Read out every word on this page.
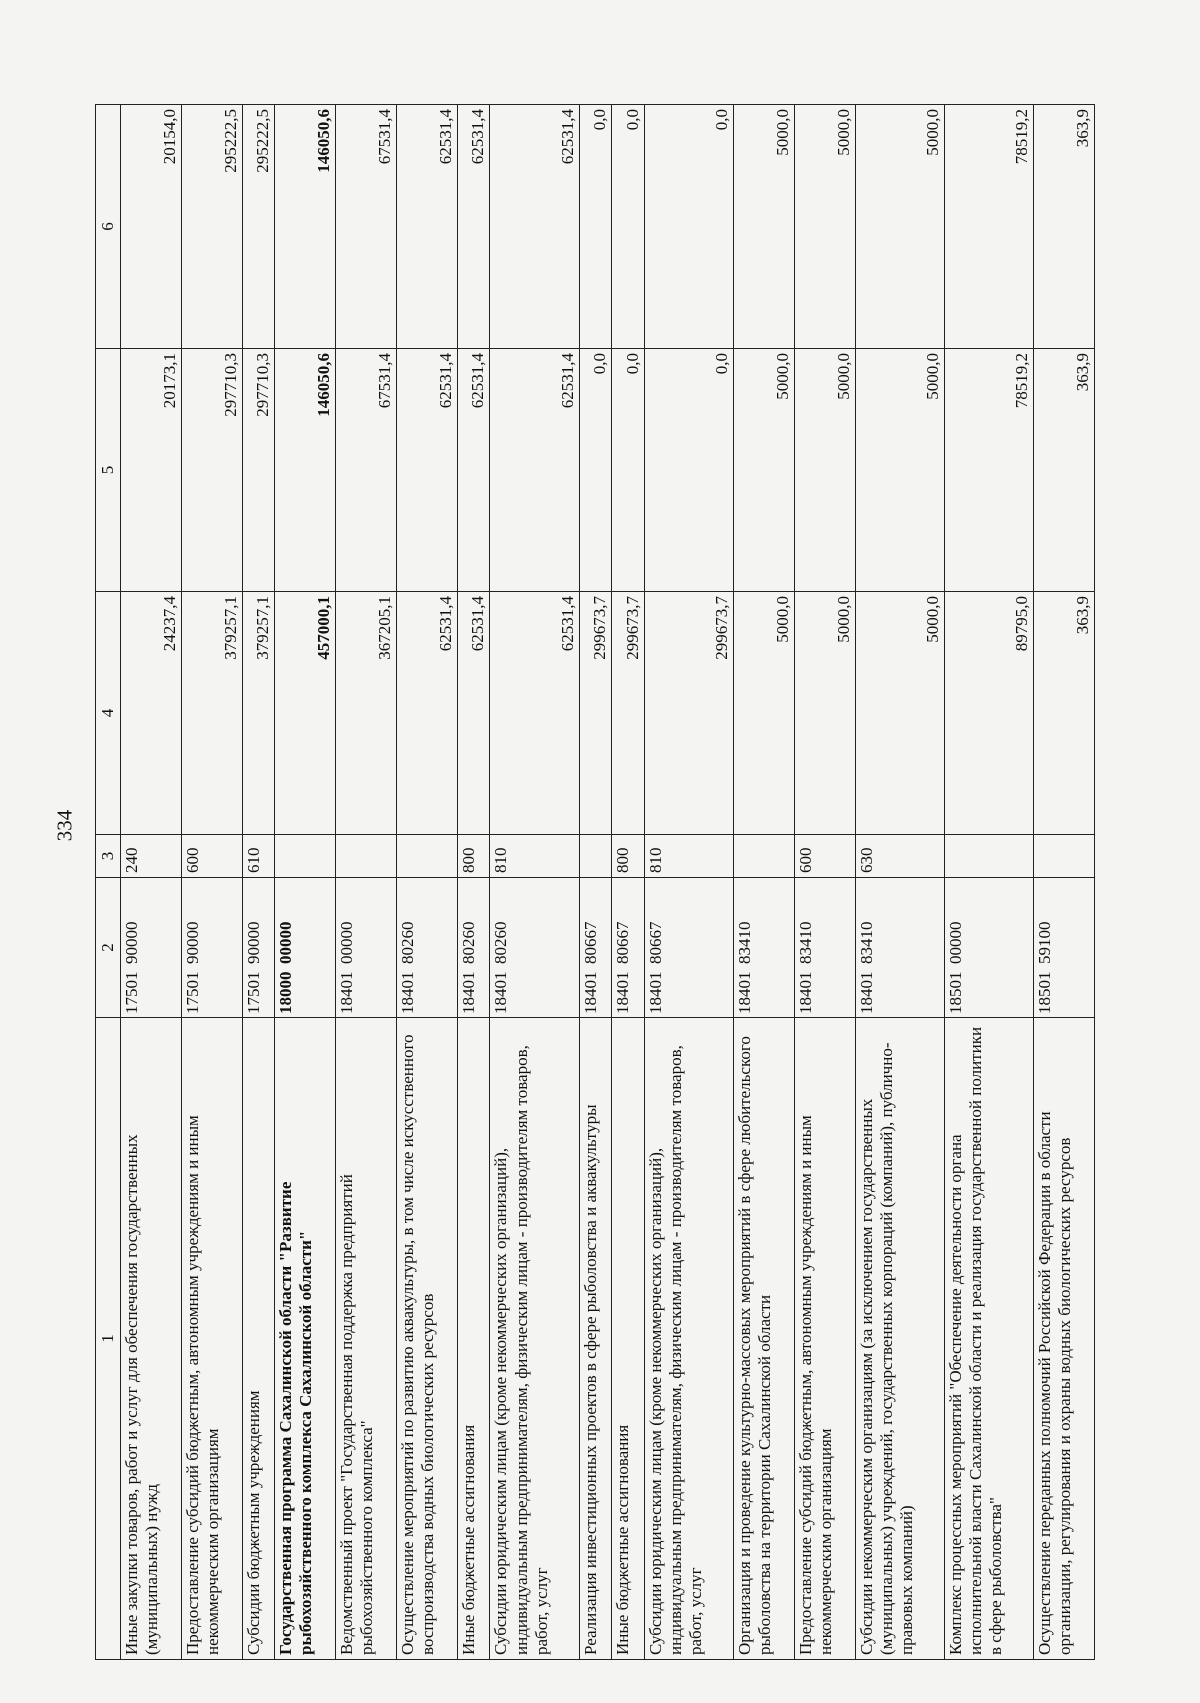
334
1	2	3	4	5	6
Иные закупки товаров, работ и услуг для обеспечения государственных (муниципальных) нужд	1750190000	240	24237,4	20173,1	20154,0
Предоставление субсидий бюджетным, автономным учреждениям и иным некоммерческим организациям	1750190000	600	379257,1	297710,3	295222,5
Субсидии бюджетным учреждениям	1750190000	610	379257,1	297710,3	295222,5
Государственная программа Сахалинской области "Развитие рыбохозяйственного комплекса Сахалинской области"	1800000000		457000,1	146050,6	146050,6
Ведомственный проект "Государственная поддержка предприятий рыбохозяйственного комплекса"	1840100000		367205,1	67531,4	67531,4
Осуществление мероприятий по развитию аквакультуры, в том числе искусственного воспроизводства водных биологических ресурсов	1840180260		62531,4	62531,4	62531,4
Иные бюджетные ассигнования	1840180260	800	62531,4	62531,4	62531,4
Субсидии юридическим лицам (кроме некоммерческих организаций), индивидуальным предпринимателям, физическим лицам - производителям товаров, работ, услуг	1840180260	810	62531,4	62531,4	62531,4
Реализация инвестиционных проектов в сфере рыболовства и аквакультуры	1840180667		299673,7	0,0	0,0
Иные бюджетные ассигнования	1840180667	800	299673,7	0,0	0,0
Субсидии юридическим лицам (кроме некоммерческих организаций), индивидуальным предпринимателям, физическим лицам - производителям товаров, работ, услуг	1840180667	810	299673,7	0,0	0,0
Организация и проведение культурно-массовых мероприятий в сфере любительского рыболовства на территории Сахалинской области	1840183410		5000,0	5000,0	5000,0
Предоставление субсидий бюджетным, автономным учреждениям и иным некоммерческим организациям	1840183410	600	5000,0	5000,0	5000,0
Субсидии некоммерческим организациям (за исключением государственных (муниципальных) учреждений, государственных корпораций (компаний), публично-правовых компаний)	1840183410	630	5000,0	5000,0	5000,0
Комплекс процессных мероприятий "Обеспечение деятельности органа исполнительной власти Сахалинской области и реализация государственной политики в сфере рыболовства"	1850100000		89795,0	78519,2	78519,2
Осуществление переданных полномочий Российской Федерации в области организации, регулирования и охраны водных биологических ресурсов	1850159100		363,9	363,9	363,9
